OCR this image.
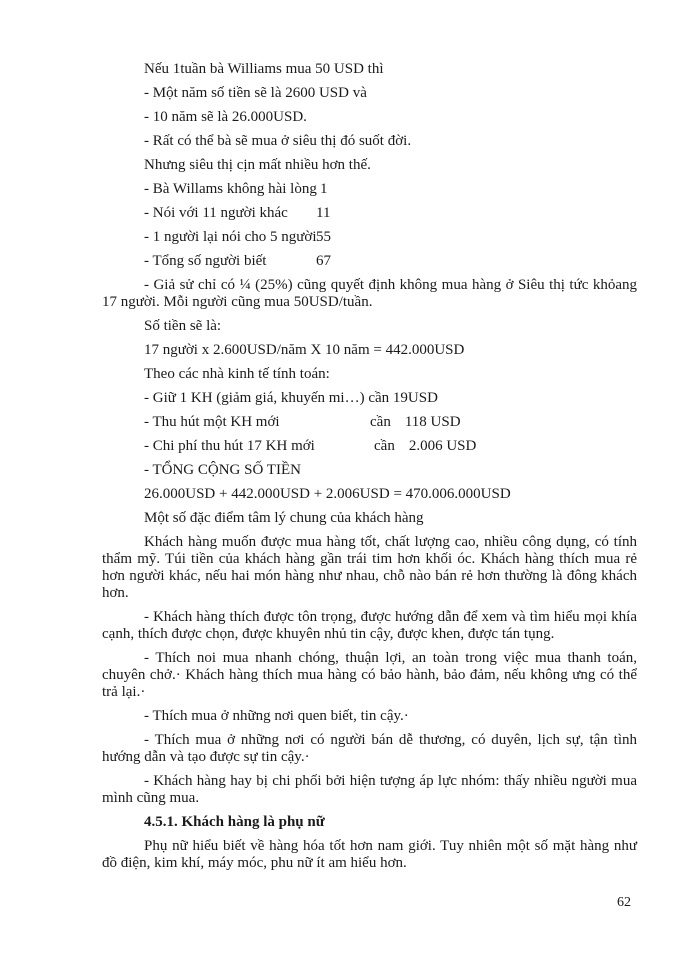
Nếu 1tuần bà Williams mua 50 USD thì

- Một năm số tiền sẽ là 2600 USD và

- 10 năm sẽ là 26.000USD.

- Rất có thể bà sẽ mua ở siêu thị đó suốt đời.

Nhưng siêu thị cịn mất nhiều hơn thế.

- Bà Willams không hài lòng 1

- Nói với 11 người khác 11

- 1 người lại nói cho 5 người55

- Tổng số người biết	67

- Giả sử chỉ có ¼ (25%) cũng quyết định không mua hàng ở Siêu thị tức khỏang 17 người. Mỗi người cũng mua 50USD/tuần.

Số tiền sẽ là:

17 người x 2.600USD/năm X 10 năm = 442.000USD

Theo các nhà kinh tế tính toán:

- Giữ 1 KH (giảm giá, khuyến mi…) cần 19USD

- Thu hút một KH mới	cần 118 USD

- Chi phí thu hút 17 KH mới	cần 2.006 USD

- TỔNG CỘNG SỐ TIỀN

26.000USD + 442.000USD + 2.006USD = 470.006.000USD

Một số đặc điểm tâm lý chung của khách hàng

Khách hàng muốn được mua hàng tốt, chất lượng cao, nhiều công dụng, có tính thẩm mỹ. Túi tiền của khách hàng gần trái tim hơn khối óc. Khách hàng thích mua rẻ hơn người khác, nếu hai món hàng như nhau, chỗ nào bán rẻ hơn thường là đông khách hơn.

- Khách hàng thích được tôn trọng, được hướng dẫn để xem và tìm hiểu mọi khía cạnh, thích được chọn, được khuyên nhủ tin cậy, được khen, được tán tụng.

- Thích noi mua nhanh chóng, thuận lợi, an toàn trong việc mua thanh toán, chuyên chở.· Khách hàng thích mua hàng có bảo hành, bảo đảm, nếu không ưng có thể trả lại.·

- Thích mua ở những nơi quen biết, tin cậy.·

- Thích mua ở những nơi có người bán dễ thương, có duyên, lịch sự, tận tình hướng dẫn và tạo được sự tin cậy.·

- Khách hàng hay bị chi phối bởi hiện tượng áp lực nhóm: thấy nhiều người mua mình cũng mua.

4.5.1. Khách hàng là phụ nữ

Phụ nữ hiểu biết về hàng hóa tốt hơn nam giới. Tuy nhiên một số mặt hàng như đồ điện, kim khí, máy móc, phu nữ ít am hiểu hơn.

62
